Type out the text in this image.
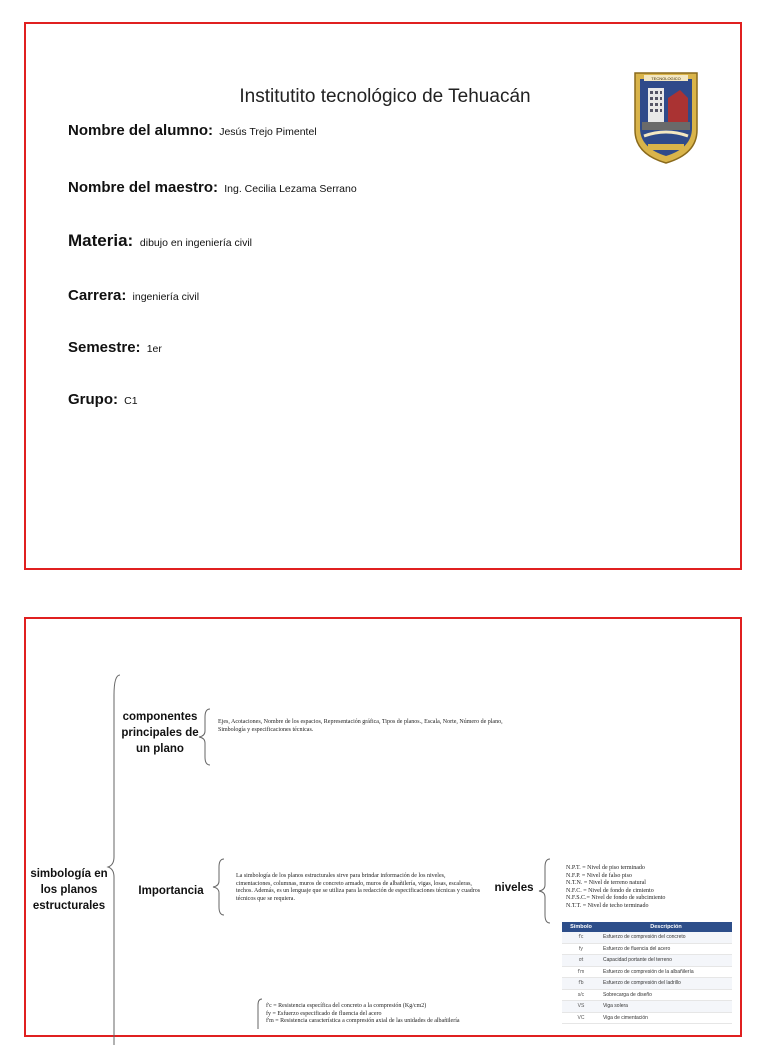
Institutito tecnológico de Tehuacán
Nombre del alumno: Jesús Trejo Pimentel
Nombre del maestro: Ing. Cecilia Lezama Serrano
Materia: dibujo en ingeniería civil
Carrera: ingeniería civil
Semestre: 1er
Grupo: C1
TECNOLOGICO
simbología en los planos estructurales
componentes principales de un plano
Ejes, Acotaciones, Nombre de los espacios, Representación gráfica, Tipos de planos., Escala, Norte, Número de plano, Simbología y especificaciones técnicas.
Importancia
La simbología de los planos estructurales sirve para brindar información de los niveles, cimentaciones, columnas, muros de concreto armado, muros de albañilería, vigas, losas, escaleras, techos. Además, es un lenguaje que se utiliza para la redacción de especificaciones técnicas y cuadros técnicos que se requiera.
niveles
N.P.T. = Nivel de piso terminado
N.F.P. = Nivel de falso piso
N.T.N. = Nivel de terreno natural
N.F.C. = Nivel de fondo de cimiento
N.F.S.C.= Nivel de fondo de subcimiento
N.T.T. = Nivel de techo terminado
Símbolo	Descripción
f'c	Esfuerzo de compresión del concreto
fy	Esfuerzo de fluencia del acero
σt	Capacidad portante del terreno
f'm	Esfuerzo de compresión de la albañilería
f'b	Esfuerzo de compresión del ladrillo
s/c	Sobrecarga de diseño
VS	Viga solera
VC	Viga de cimentación
f'c = Resistencia específica del concreto a la compresión (Kg/cm2)
fy = Esfuerzo especificado de fluencia del acero
f'm = Resistencia característica a compresión axial de las unidades de albañilería
